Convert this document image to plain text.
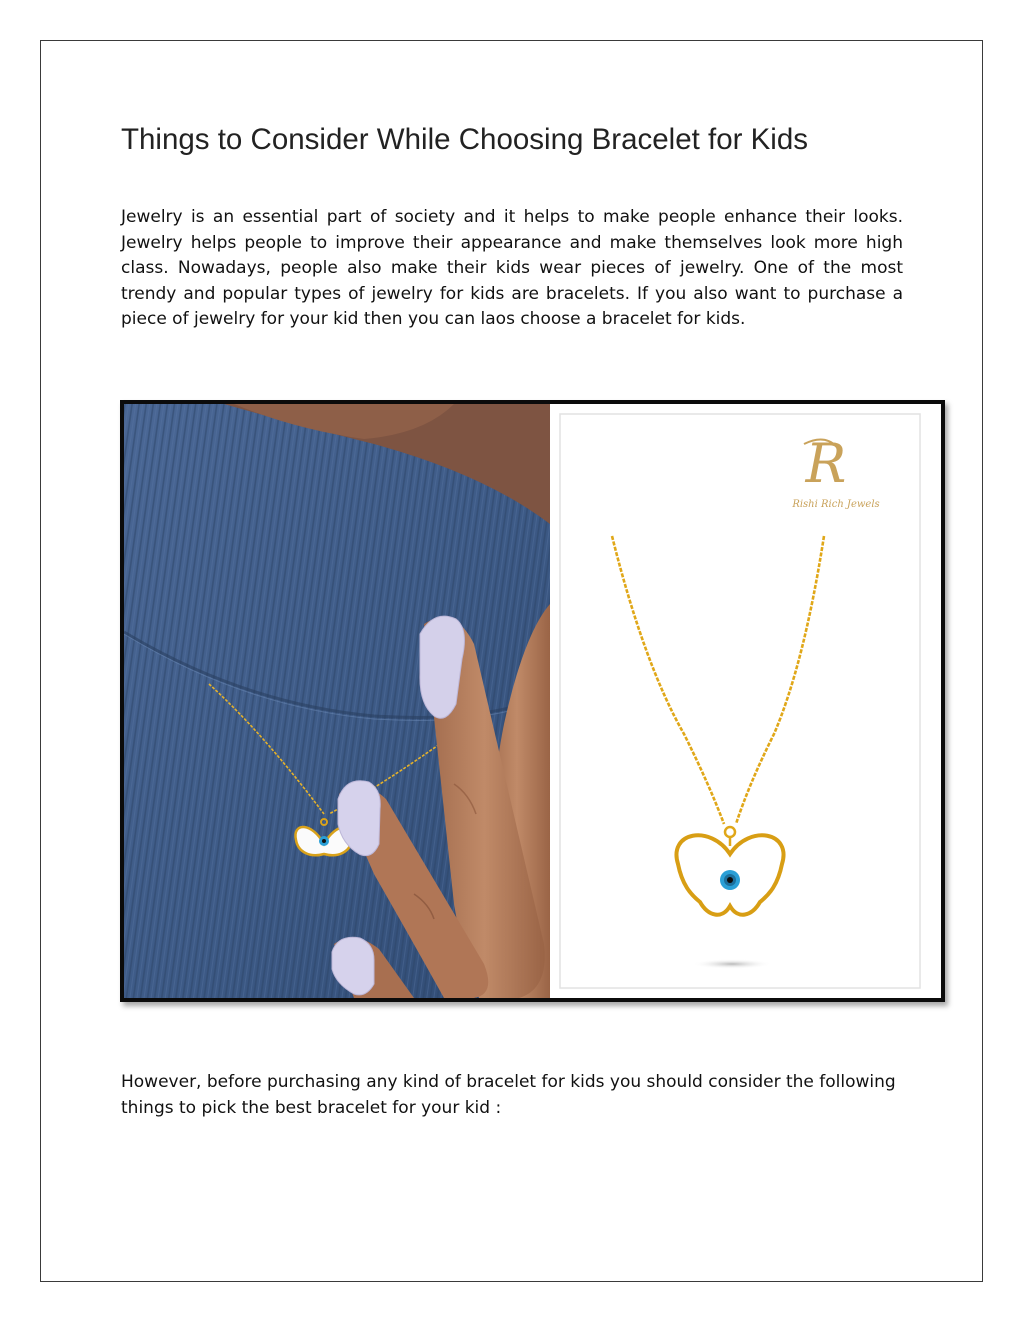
Things to Consider While Choosing Bracelet for Kids

Jewelry is an essential part of society and it helps to make people enhance their looks. Jewelry helps people to improve their appearance and make themselves look more high class. Nowadays, people also make their kids wear pieces of jewelry. One of the most trendy and popular types of jewelry for kids are bracelets. If you also want to purchase a piece of jewelry for your kid then you can laos choose a bracelet for kids.

R
Rishi Rich Jewels

However, before purchasing any kind of bracelet for kids you should consider the following things to pick the best bracelet for your kid :
